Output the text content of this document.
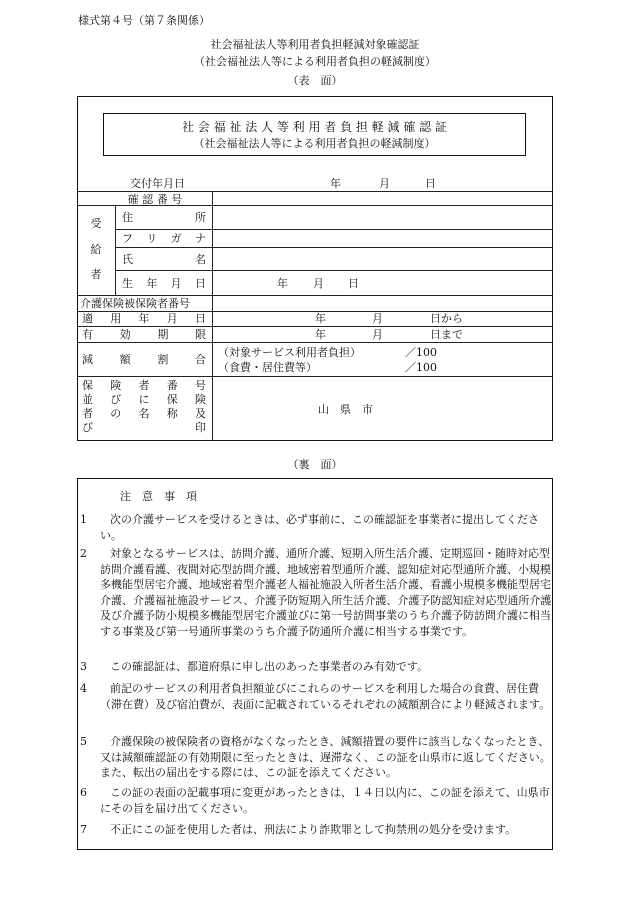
様式第４号（第７条関係）
社会福祉法人等利用者負担軽減対象確認証
（社会福祉法人等による利用者負担の軽減制度）
（表　面）
社 会 福 祉 法 人 等 利 用 者 負 担 軽 減 確 認 証
（社会福祉法人等による利用者負担の軽減制度）
交付年月日	年	月	日
確 認 番 号
受
給
者
住	所
フ リ ガ ナ
氏	名
生 年 月 日	年 月 日
介護保険被保険者番号
適 用 年 月 日	年	月	日から
有 効 期 限	年	月	日まで
減 額 割 合
（対象サービス利用者負担）	／100
（食費・居住費等）	／100
保 険 者 番 号
並 び に 保 険
者 の 名 称 及
び	印
山　県　市
（裏　面）
注　意　事　項
1 次の介護サービスを受けるときは、必ず事前に、この確認証を事業者に提出してください。
2 対象となるサービスは、訪問介護、通所介護、短期入所生活介護、定期巡回・随時対応型訪問介護看護、夜間対応型訪問介護、地域密着型通所介護、認知症対応型通所介護、小規模多機能型居宅介護、地域密着型介護老人福祉施設入所者生活介護、看護小規模多機能型居宅介護、介護福祉施設サービス、介護予防短期入所生活介護、介護予防認知症対応型通所介護及び介護予防小規模多機能型居宅介護並びに第一号訪問事業のうち介護予防訪問介護に相当する事業及び第一号通所事業のうち介護予防通所介護に相当する事業です。
3 この確認証は、都道府県に申し出のあった事業者のみ有効です。
4 前記のサービスの利用者負担額並びにこれらのサービスを利用した場合の食費、居住費（滞在費）及び宿泊費が、表面に記載されているそれぞれの減額割合により軽減されます。
5 介護保険の被保険者の資格がなくなったとき、減額措置の要件に該当しなくなったとき、又は減額確認証の有効期限に至ったときは、遅滞なく、この証を山県市に返してください。また、転出の届出をする際には、この証を添えてください。
6 この証の表面の記載事項に変更があったときは、１４日以内に、この証を添えて、山県市にその旨を届け出てください。
7 不正にこの証を使用した者は、刑法により詐欺罪として拘禁刑の処分を受けます。
